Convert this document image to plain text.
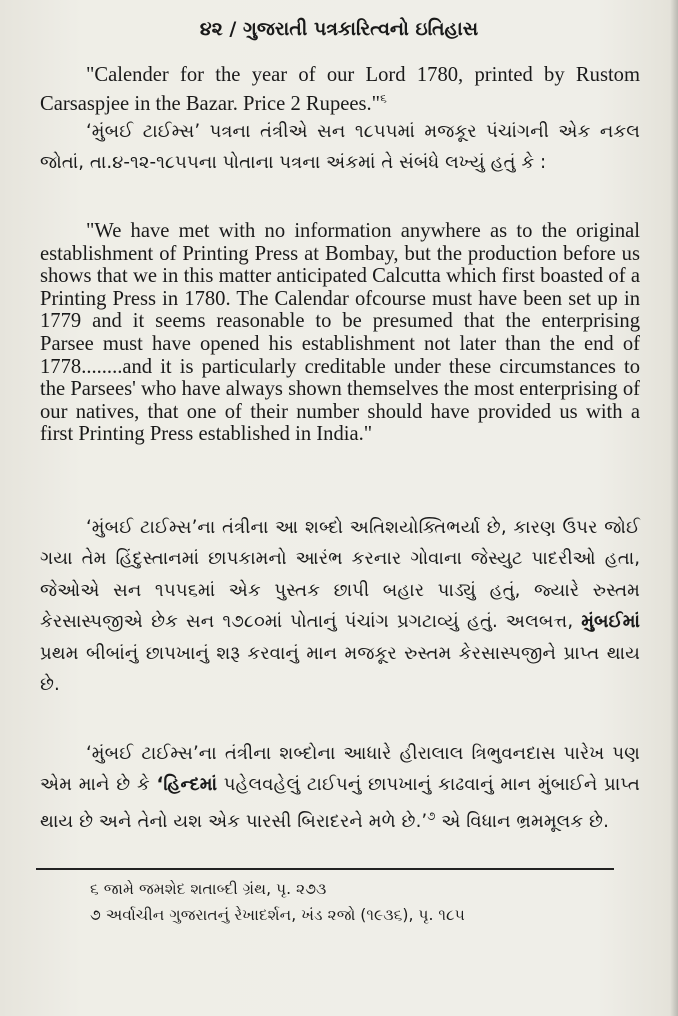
૪૨ / ગુજરાતી પત્રકારિત્વનો ઇતિહાસ
"Calender for the year of our Lord 1780, printed by Rustom Carsaspjee in the Bazar. Price 2 Rupees."$^૬$
‘મુંબઈ ટાઈમ્સ’ પત્રના તંત્રીએ સન ૧૮૫૫માં મજકૂર પંચાંગની એક નકલ જોતાં, તા.૪-૧૨-૧૮૫૫ના પોતાના પત્રના અંકમાં તે સંબંધે લખ્યું હતું કે :
"We have met with no information anywhere as to the original establishment of Printing Press at Bombay, but the production before us shows that we in this matter anticipated Calcutta which first boasted of a Printing Press in 1780. The Calendar ofcourse must have been set up in 1779 and it seems reasonable to be presumed that the enterprising Parsee must have opened his establishment not later than the end of 1778........and it is particularly creditable under these circumstances to the Parsees' who have always shown themselves the most enterprising of our natives, that one of their number should have provided us with a first Printing Press established in India."
‘મુંબઈ ટાઈમ્સ’ના તંત્રીના આ શબ્દો અતિશયોક્તિભર્યા છે, કારણ ઉપર જોઈ ગયા તેમ હિંદુસ્તાનમાં છાપકામનો આરંભ કરનાર ગોવાના જેસ્યુટ પાદરીઓ હતા, જેઓએ સન ૧૫૫૬માં એક પુસ્તક છાપી બહાર પાડ્યું હતું, જ્યારે રુસ્તમ કેરસાસ્પજીએ છેક સન ૧૭૮૦માં પોતાનું પંચાંગ પ્રગટાવ્યું હતું. અલબત્ત, મુંબઈમાં પ્રથમ બીબાંનું છાપખાનું શરૂ કરવાનું માન મજકૂર રુસ્તમ કેરસાસ્પજીને પ્રાપ્ત થાય છે.
‘મુંબઈ ટાઈમ્સ’ના તંત્રીના શબ્દોના આધારે હીરાલાલ ત્રિભુવનદાસ પારેખ પણ એમ માને છે કે ‘હિન્દમાં પહેલવહેલું ટાઈપનું છાપખાનું કાઢવાનું માન મુંબાઈને પ્રાપ્ત થાય છે અને તેનો યશ એક પારસી બિરાદરને મળે છે.’$^૭$ એ વિધાન ભ્રમમૂલક છે.
૬ જામે જમશેદ શતાબ્દી ગ્રંથ, પૃ. ૨૭૩
૭ અર્વાચીન ગુજરાતનું રેખાદર્શન, ખંડ ૨જો (૧૯૩૬), પૃ. ૧૮૫
